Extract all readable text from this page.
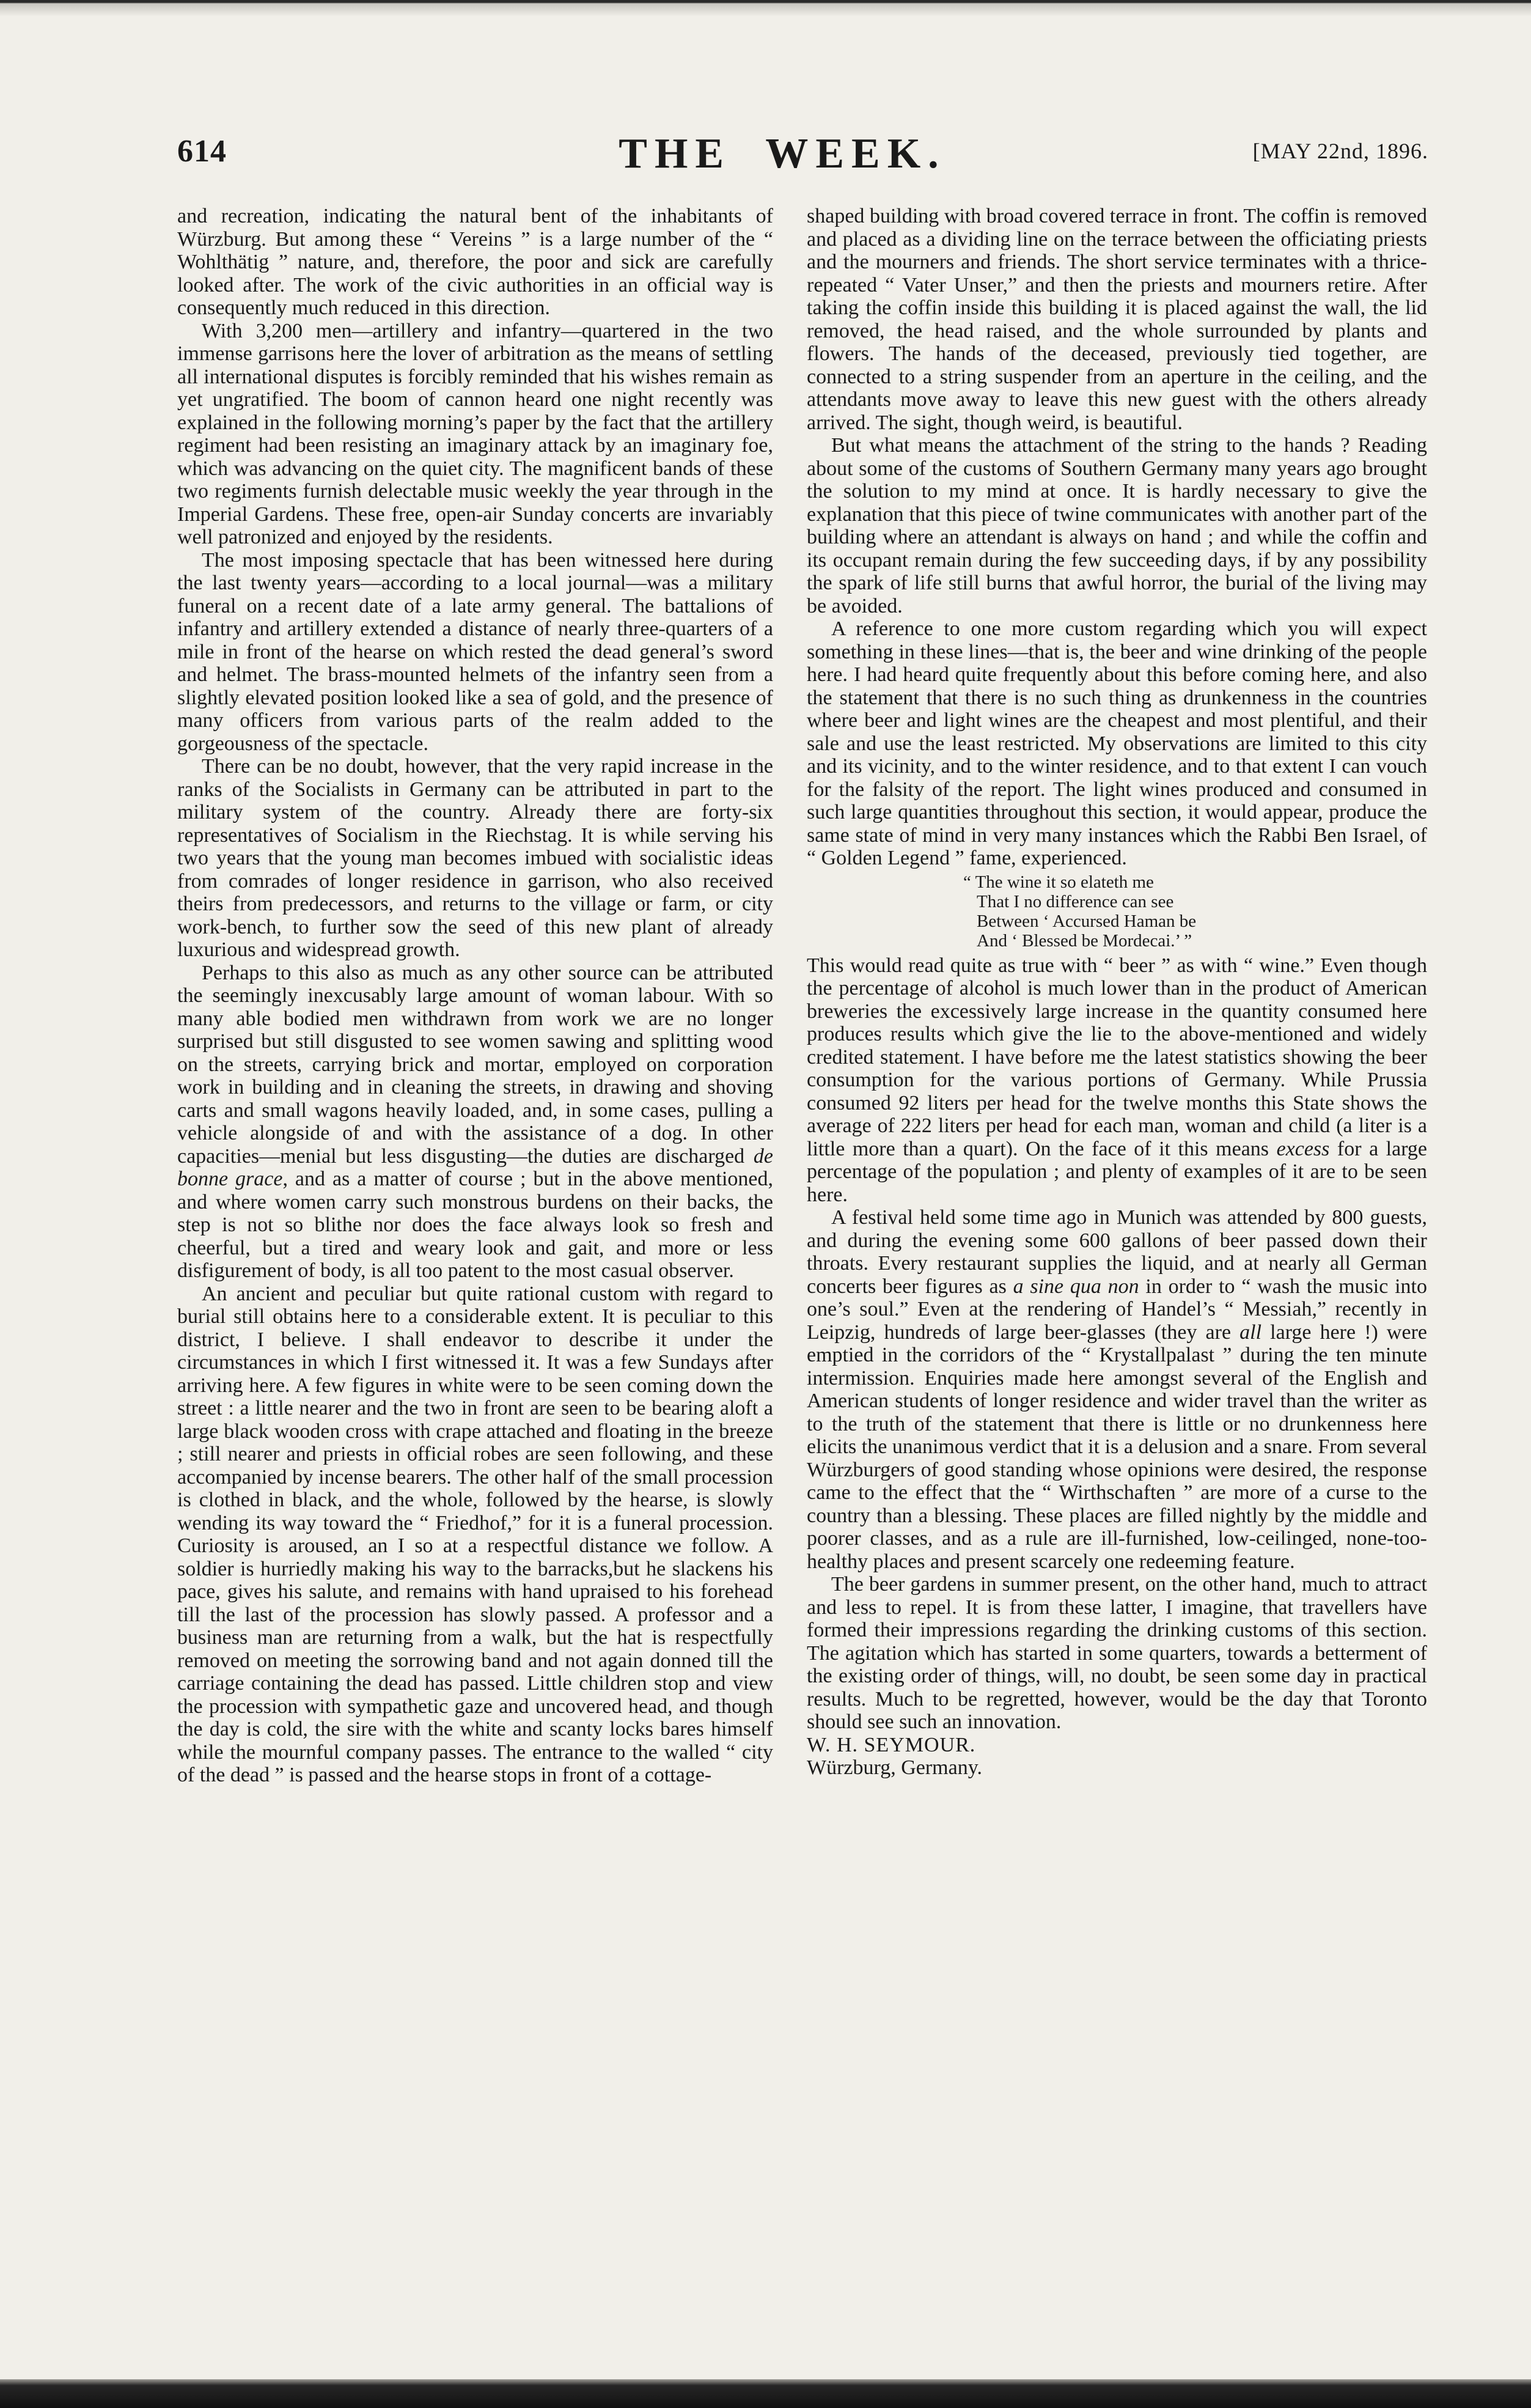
614	THE WEEK.	[MAY 22nd, 1896.

and recreation, indicating the natural bent of the inhabitants of Würzburg. But among these “ Vereins ” is a large number of the “ Wohlthätig ” nature, and, therefore, the poor and sick are carefully looked after. The work of the civic authorities in an official way is consequently much reduced in this direction.

With 3,200 men—artillery and infantry—quartered in the two immense garrisons here the lover of arbitration as the means of settling all international disputes is forcibly reminded that his wishes remain as yet ungratified. The boom of cannon heard one night recently was explained in the following morning’s paper by the fact that the artillery regiment had been resisting an imaginary attack by an imaginary foe, which was advancing on the quiet city. The magnificent bands of these two regiments furnish delectable music weekly the year through in the Imperial Gardens. These free, open-air Sunday concerts are invariably well patronized and enjoyed by the residents.

The most imposing spectacle that has been witnessed here during the last twenty years—according to a local journal—was a military funeral on a recent date of a late army general. The battalions of infantry and artillery extended a distance of nearly three-quarters of a mile in front of the hearse on which rested the dead general’s sword and helmet. The brass-mounted helmets of the infantry seen from a slightly elevated position looked like a sea of gold, and the presence of many officers from various parts of the realm added to the gorgeousness of the spectacle.

There can be no doubt, however, that the very rapid increase in the ranks of the Socialists in Germany can be attributed in part to the military system of the country. Already there are forty-six representatives of Socialism in the Riechstag. It is while serving his two years that the young man becomes imbued with socialistic ideas from comrades of longer residence in garrison, who also received theirs from predecessors, and returns to the village or farm, or city work-bench, to further sow the seed of this new plant of already luxurious and widespread growth.

Perhaps to this also as much as any other source can be attributed the seemingly inexcusably large amount of woman labour. With so many able bodied men withdrawn from work we are no longer surprised but still disgusted to see women sawing and splitting wood on the streets, carrying brick and mortar, employed on corporation work in building and in cleaning the streets, in drawing and shoving carts and small wagons heavily loaded, and, in some cases, pulling a vehicle alongside of and with the assistance of a dog. In other capacities—menial but less disgusting—the duties are discharged de bonne grace, and as a matter of course ; but in the above mentioned, and where women carry such monstrous burdens on their backs, the step is not so blithe nor does the face always look so fresh and cheerful, but a tired and weary look and gait, and more or less disfigurement of body, is all too patent to the most casual observer.

An ancient and peculiar but quite rational custom with regard to burial still obtains here to a considerable extent. It is peculiar to this district, I believe. I shall endeavor to describe it under the circumstances in which I first witnessed it. It was a few Sundays after arriving here. A few figures in white were to be seen coming down the street : a little nearer and the two in front are seen to be bearing aloft a large black wooden cross with crape attached and floating in the breeze ; still nearer and priests in official robes are seen following, and these accompanied by incense bearers. The other half of the small procession is clothed in black, and the whole, followed by the hearse, is slowly wending its way toward the “ Friedhof,” for it is a funeral procession. Curiosity is aroused, an I so at a respectful distance we follow. A soldier is hurriedly making his way to the barracks,but he slackens his pace, gives his salute, and remains with hand upraised to his forehead till the last of the procession has slowly passed. A professor and a business man are returning from a walk, but the hat is respectfully removed on meeting the sorrowing band and not again donned till the carriage containing the dead has passed. Little children stop and view the procession with sympathetic gaze and uncovered head, and though the day is cold, the sire with the white and scanty locks bares himself while the mournful company passes. The entrance to the walled “ city of the dead ” is passed and the hearse stops in front of a cottage-

shaped building with broad covered terrace in front. The coffin is removed and placed as a dividing line on the terrace between the officiating priests and the mourners and friends. The short service terminates with a thrice-repeated “ Vater Unser,” and then the priests and mourners retire. After taking the coffin inside this building it is placed against the wall, the lid removed, the head raised, and the whole surrounded by plants and flowers. The hands of the deceased, previously tied together, are connected to a string suspender from an aperture in the ceiling, and the attendants move away to leave this new guest with the others already arrived. The sight, though weird, is beautiful.

But what means the attachment of the string to the hands ? Reading about some of the customs of Southern Germany many years ago brought the solution to my mind at once. It is hardly necessary to give the explanation that this piece of twine communicates with another part of the building where an attendant is always on hand ; and while the coffin and its occupant remain during the few succeeding days, if by any possibility the spark of life still burns that awful horror, the burial of the living may be avoided.

A reference to one more custom regarding which you will expect something in these lines—that is, the beer and wine drinking of the people here. I had heard quite frequently about this before coming here, and also the statement that there is no such thing as drunkenness in the countries where beer and light wines are the cheapest and most plentiful, and their sale and use the least restricted. My observations are limited to this city and its vicinity, and to the winter residence, and to that extent I can vouch for the falsity of the report. The light wines produced and consumed in such large quantities throughout this section, it would appear, produce the same state of mind in very many instances which the Rabbi Ben Israel, of “ Golden Legend ” fame, experienced.

“ The wine it so elateth me
That I no difference can see
Between ‘ Accursed Haman be
And ‘ Blessed be Mordecai.’ ”

This would read quite as true with “ beer ” as with “ wine.” Even though the percentage of alcohol is much lower than in the product of American breweries the excessively large increase in the quantity consumed here produces results which give the lie to the above-mentioned and widely credited statement. I have before me the latest statistics showing the beer consumption for the various portions of Germany. While Prussia consumed 92 liters per head for the twelve months this State shows the average of 222 liters per head for each man, woman and child (a liter is a little more than a quart). On the face of it this means excess for a large percentage of the population ; and plenty of examples of it are to be seen here.

A festival held some time ago in Munich was attended by 800 guests, and during the evening some 600 gallons of beer passed down their throats. Every restaurant supplies the liquid, and at nearly all German concerts beer figures as a sine qua non in order to “ wash the music into one’s soul.” Even at the rendering of Handel’s “ Messiah,” recently in Leipzig, hundreds of large beer-glasses (they are all large here !) were emptied in the corridors of the “ Krystallpalast ” during the ten minute intermission. Enquiries made here amongst several of the English and American students of longer residence and wider travel than the writer as to the truth of the statement that there is little or no drunkenness here elicits the unanimous verdict that it is a delusion and a snare. From several Würzburgers of good standing whose opinions were desired, the response came to the effect that the “ Wirthschaften ” are more of a curse to the country than a blessing. These places are filled nightly by the middle and poorer classes, and as a rule are ill-furnished, low-ceilinged, none-too-healthy places and present scarcely one redeeming feature.

The beer gardens in summer present, on the other hand, much to attract and less to repel. It is from these latter, I imagine, that travellers have formed their impressions regarding the drinking customs of this section. The agitation which has started in some quarters, towards a betterment of the existing order of things, will, no doubt, be seen some day in practical results. Much to be regretted, however, would be the day that Toronto should see such an innovation.

W. H. SEYMOUR.

Würzburg, Germany.
